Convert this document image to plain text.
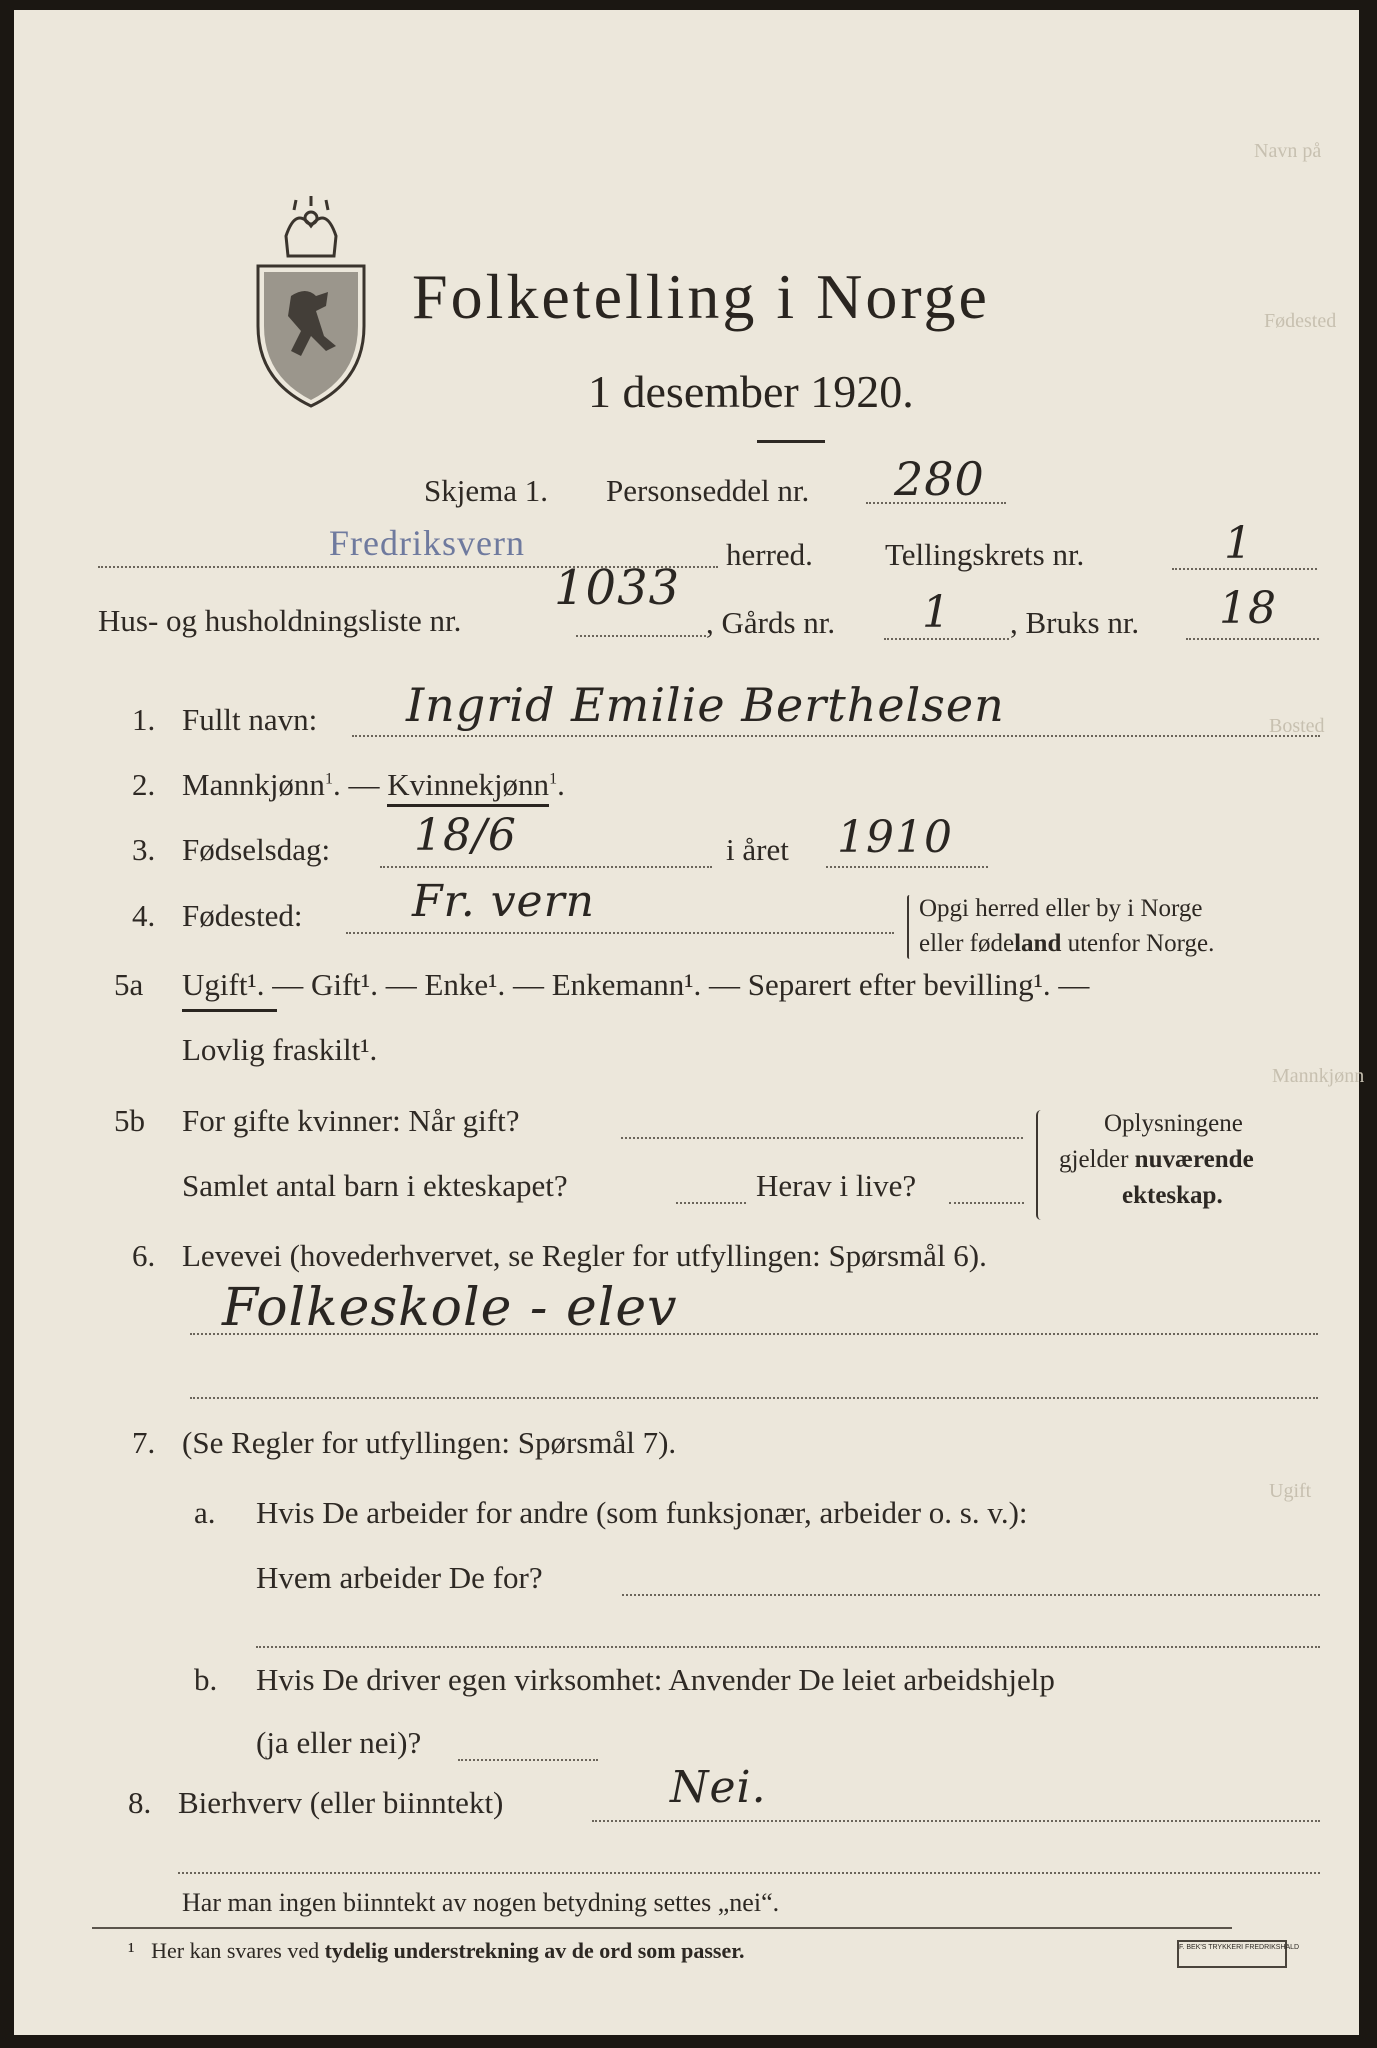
Navn på
Fødested
Bosted
Mannkjønn
Ugift
Folketelling i Norge
1 desember 1920.
Skjema 1. Personseddel nr. 280
Fredriksvern	herred. Tellingskrets nr.	1
Hus- og husholdningsliste nr.
1033
, Gårds nr. 1 , Bruks nr. 18
1. Fullt navn: Ingrid Emilie Berthelsen
2. Mannkjønn$^1$. — Kvinnekjønn$^1$.
3. Fødselsdag: 18/6	i året 1910
4. Fødested: Fr. vern	Opgi herred eller by i Norge
eller fødeland utenfor Norge.
5a Ugift¹. — Gift¹. — Enke¹. — Enkemann¹. — Separert efter bevilling¹. —
Lovlig fraskilt¹.
5b For gifte kvinner: Når gift?
Samlet antal barn i ekteskapet?	Herav i live?
Oplysningene
gjelder nuværende
ekteskap.
6. Levevei (hovederhvervet, se Regler for utfyllingen: Spørsmål 6).
Folkeskole - elev
7. (Se Regler for utfyllingen: Spørsmål 7).
a. Hvis De arbeider for andre (som funksjonær, arbeider o. s. v.):
Hvem arbeider De for?
b. Hvis De driver egen virksomhet: Anvender De leiet arbeidshjelp
(ja eller nei)?
8. Bierhverv (eller biinntekt)	Nei.
Har man ingen biinntekt av nogen betydning settes „nei“.
¹ Her kan svares ved tydelig understrekning av de ord som passer.	F. BEK'S TRYKKERI FREDRIKSHALD
